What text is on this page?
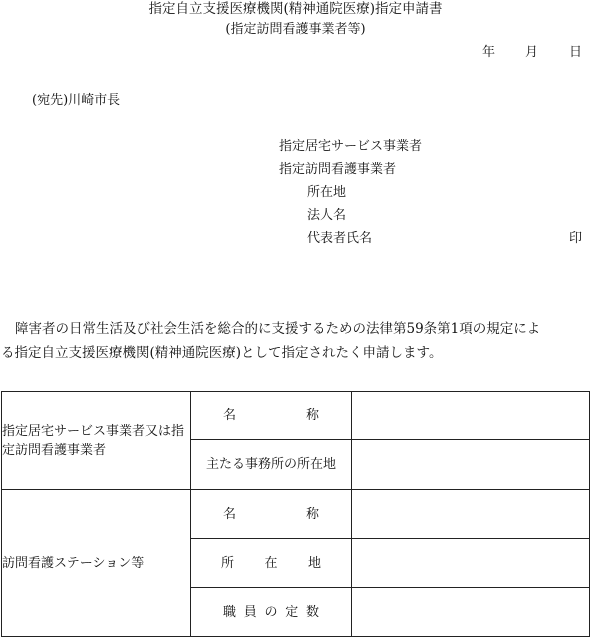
指定自立支援医療機関(精神通院医療)指定申請書
(指定訪問看護事業者等)
年 月 日
(宛先)川崎市長
指定居宅サービス事業者
指定訪問看護事業者
所在地
法人名
代表者氏名	印
障害者の日常生活及び社会生活を総合的に支援するための法律第59条第1項の規定によ
る指定自立支援医療機関(精神通院医療)として指定されたく申請します。
指定居宅サービス事業者又は指定訪問看護事業者	名 称	

	主たる事務所の所在地	
訪問看護ステーション等	名 称	

	所 在 地	

	職 員 の 定 数	
